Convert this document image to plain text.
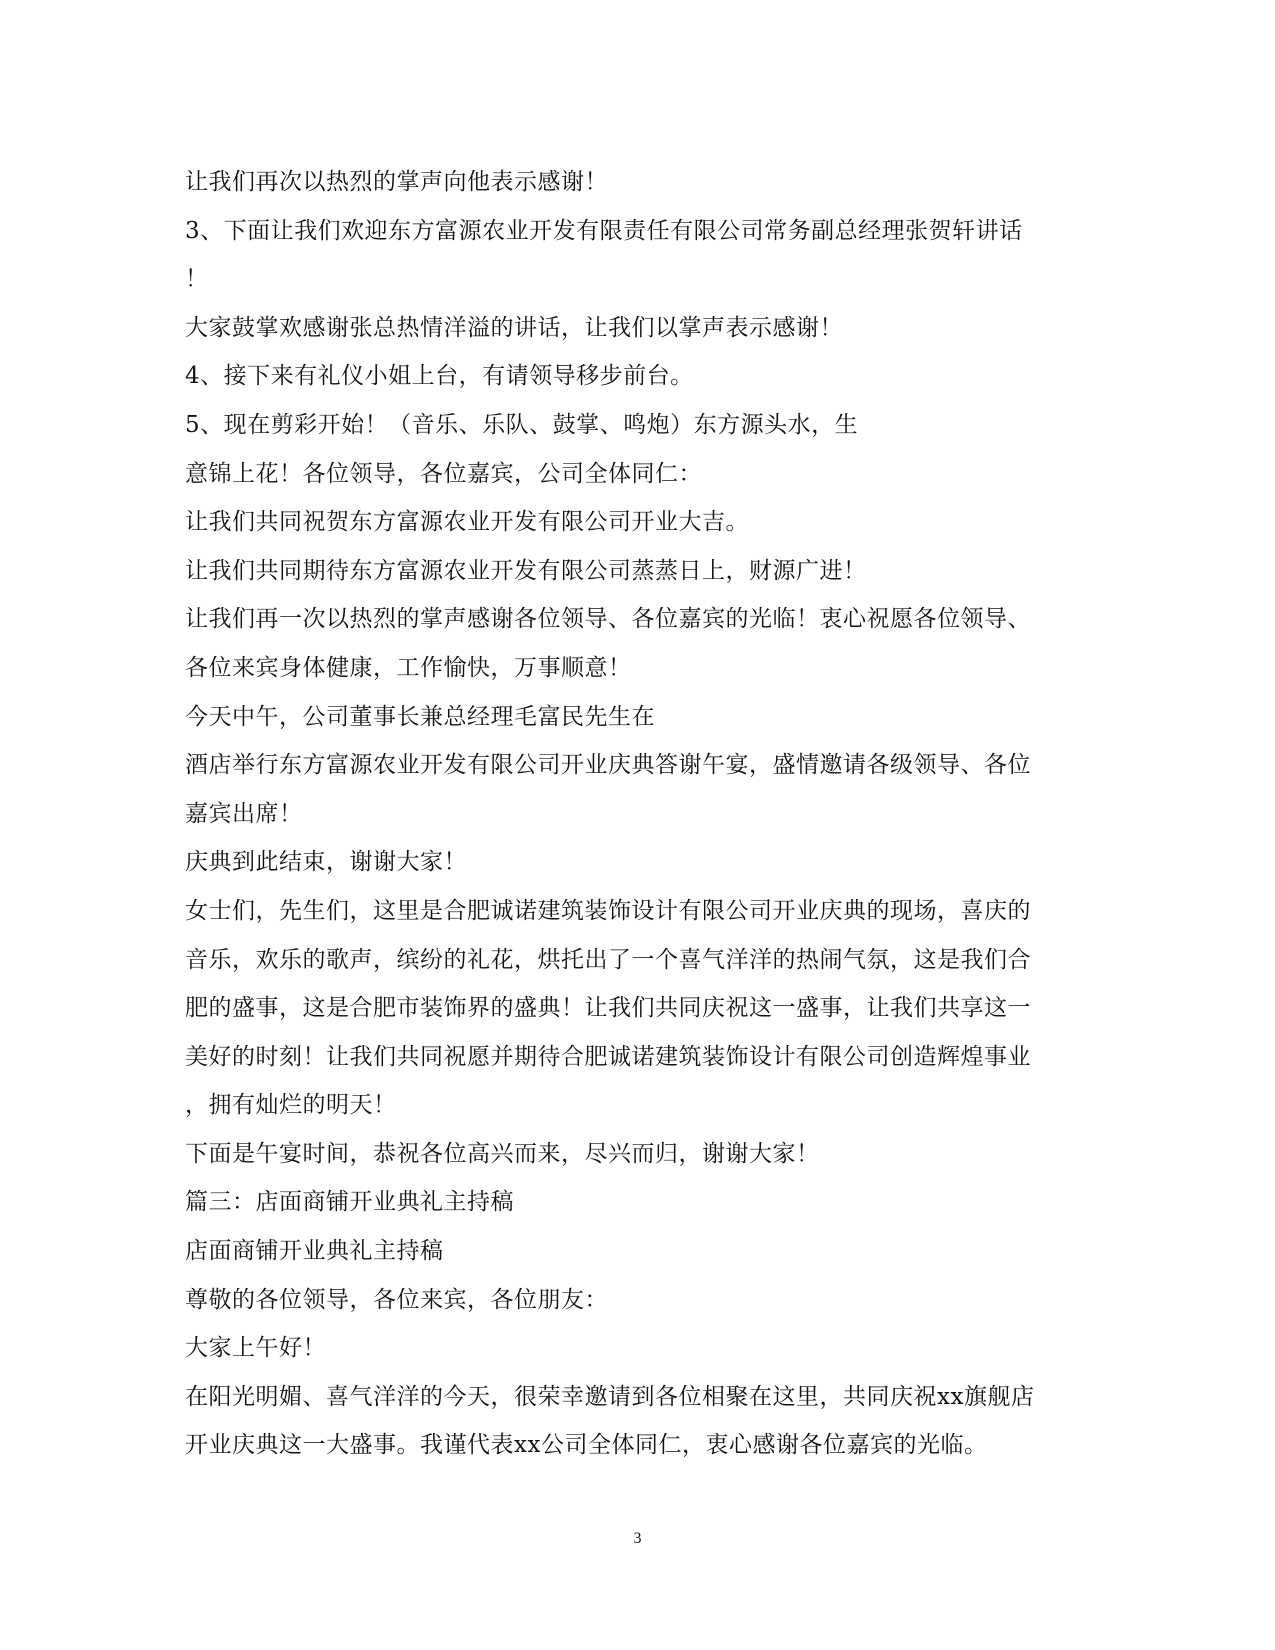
让我们再次以热烈的掌声向他表示感谢！
3、下面让我们欢迎东方富源农业开发有限责任有限公司常务副总经理张贺轩讲话
！
大家鼓掌欢感谢张总热情洋溢的讲话，让我们以掌声表示感谢！
4、接下来有礼仪小姐上台，有请领导移步前台。
5、现在剪彩开始！（音乐、乐队、鼓掌、鸣炮）东方源头水，生
意锦上花！各位领导，各位嘉宾，公司全体同仁：
让我们共同祝贺东方富源农业开发有限公司开业大吉。
让我们共同期待东方富源农业开发有限公司蒸蒸日上，财源广进！
让我们再一次以热烈的掌声感谢各位领导、各位嘉宾的光临！衷心祝愿各位领导、
各位来宾身体健康，工作愉快，万事顺意！
今天中午，公司董事长兼总经理毛富民先生在
酒店举行东方富源农业开发有限公司开业庆典答谢午宴，盛情邀请各级领导、各位
嘉宾出席！
庆典到此结束，谢谢大家！
女士们，先生们，这里是合肥诚诺建筑装饰设计有限公司开业庆典的现场，喜庆的
音乐，欢乐的歌声，缤纷的礼花，烘托出了一个喜气洋洋的热闹气氛，这是我们合
肥的盛事，这是合肥市装饰界的盛典！让我们共同庆祝这一盛事，让我们共享这一
美好的时刻！让我们共同祝愿并期待合肥诚诺建筑装饰设计有限公司创造辉煌事业
，拥有灿烂的明天！
下面是午宴时间，恭祝各位高兴而来，尽兴而归，谢谢大家！
篇三：店面商铺开业典礼主持稿
店面商铺开业典礼主持稿
尊敬的各位领导，各位来宾，各位朋友：
大家上午好！
在阳光明媚、喜气洋洋的今天，很荣幸邀请到各位相聚在这里，共同庆祝xx旗舰店
开业庆典这一大盛事。我谨代表xx公司全体同仁，衷心感谢各位嘉宾的光临。
3
